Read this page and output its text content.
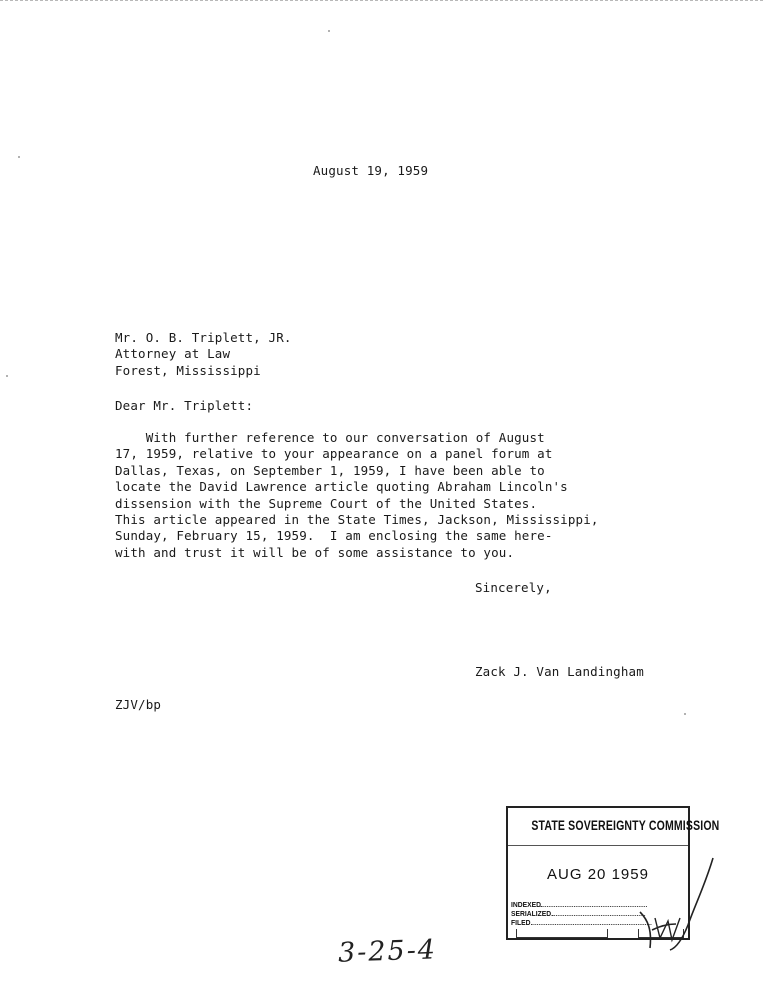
August 19, 1959
Mr. O. B. Triplett, JR.
Attorney at Law
Forest, Mississippi
Dear Mr. Triplett:
With further reference to our conversation of August
17, 1959, relative to your appearance on a panel forum at
Dallas, Texas, on September 1, 1959, I have been able to
locate the David Lawrence article quoting Abraham Lincoln's
dissension with the Supreme Court of the United States.
This article appeared in the State Times, Jackson, Mississippi,
Sunday, February 15, 1959.  I am enclosing the same here-
with and trust it will be of some assistance to you.
Sincerely,
Zack J. Van Landingham
ZJV/bp
STATE SOVEREIGNTY COMMISSION
AUG 20 1959
INDEXED
SERIALIZED
FILED
3-25-4
